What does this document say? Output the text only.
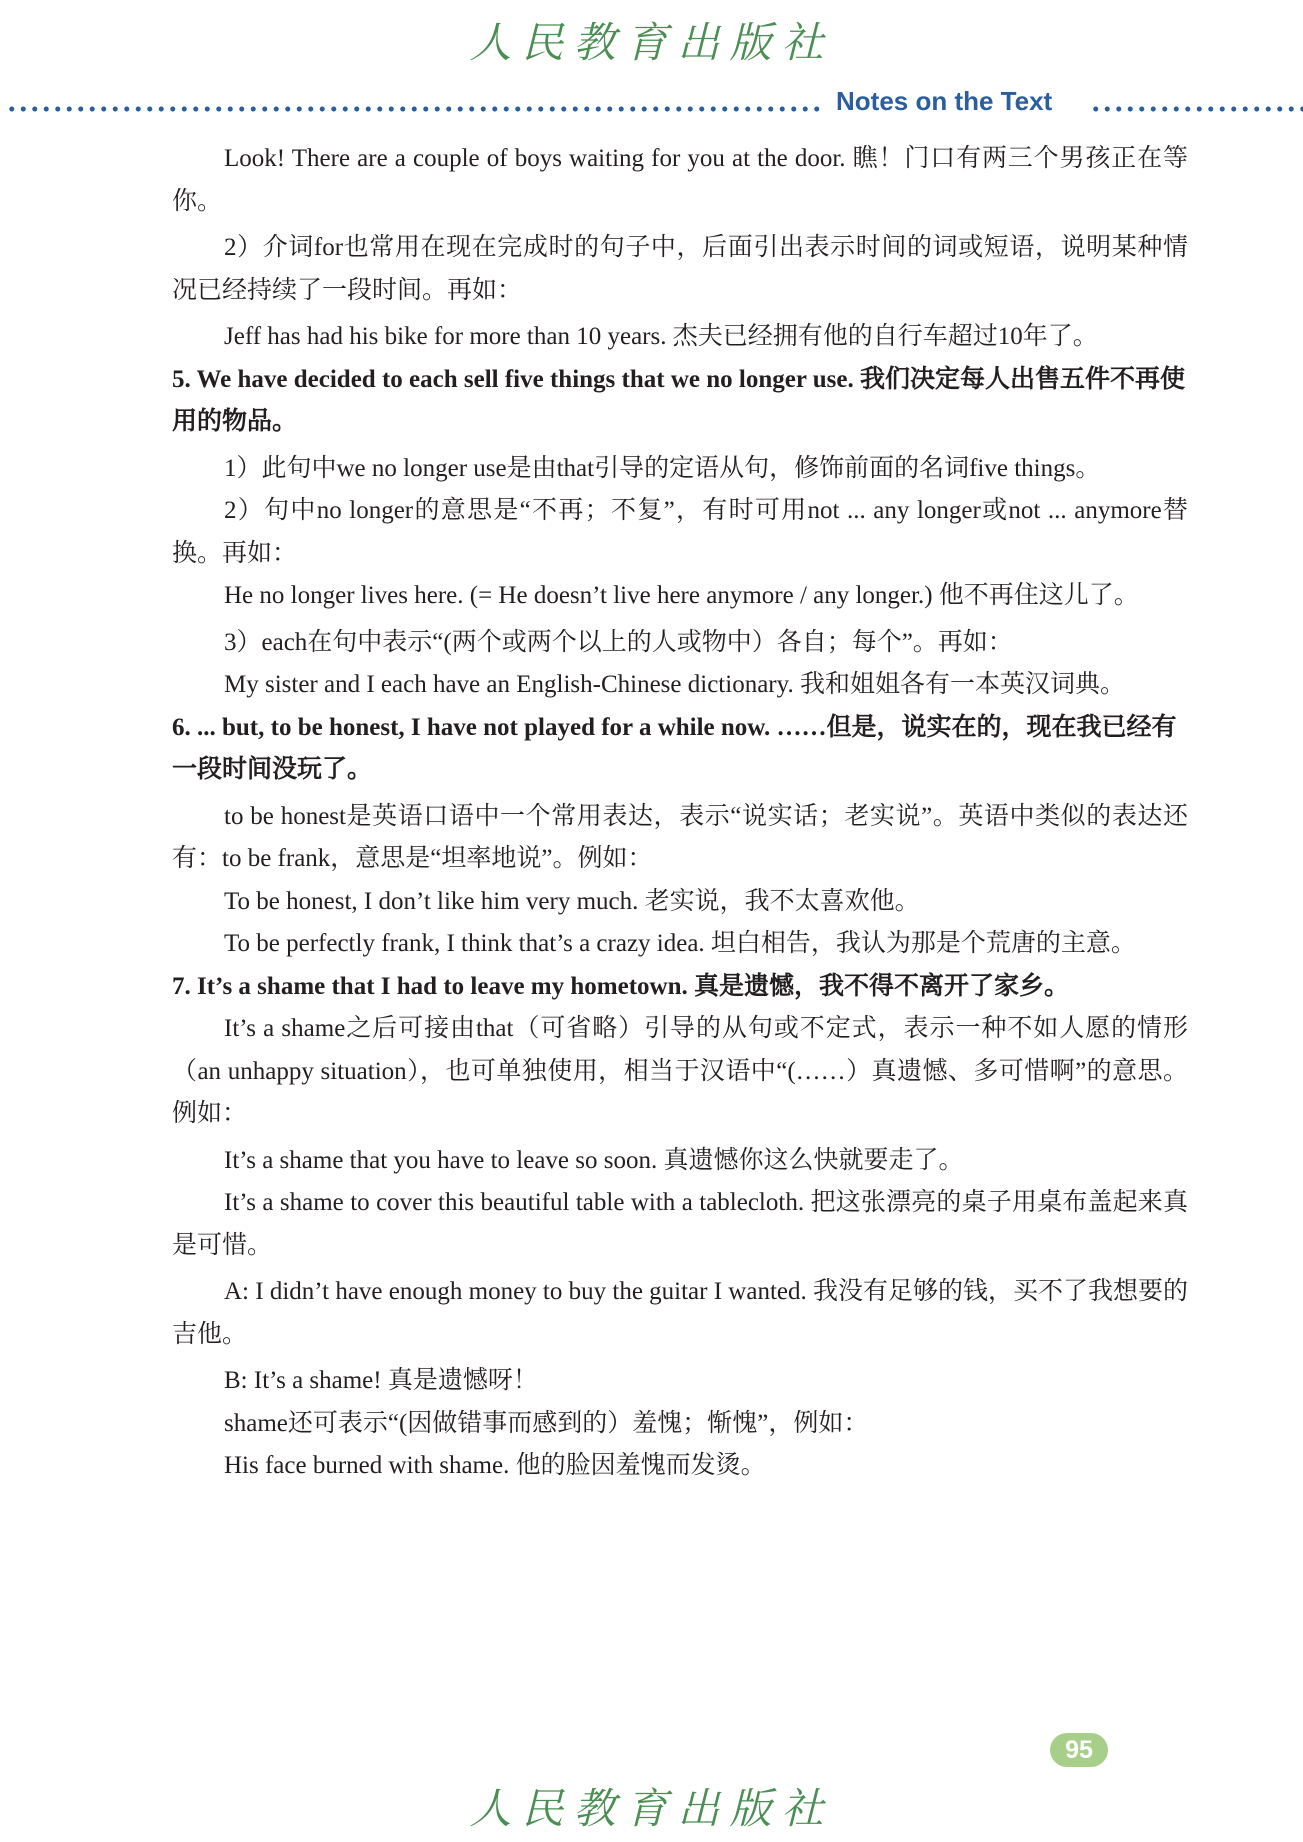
人民教育出版社
Notes on the Text

Look! There are a couple of boys waiting for you at the door. 瞧！门口有两三个男孩正在等你。

2）介词for也常用在现在完成时的句子中，后面引出表示时间的词或短语，说明某种情况已经持续了一段时间。再如：

Jeff has had his bike for more than 10 years. 杰夫已经拥有他的自行车超过10年了。

5. We have decided to each sell five things that we no longer use. 我们决定每人出售五件不再使用的物品。

1）此句中we no longer use是由that引导的定语从句，修饰前面的名词five things。

2）句中no longer的意思是“不再；不复”，有时可用not ... any longer或not ... anymore替换。再如：

He no longer lives here. (= He doesn’t live here anymore / any longer.) 他不再住这儿了。

3）each在句中表示“(两个或两个以上的人或物中）各自；每个”。再如：

My sister and I each have an English-Chinese dictionary. 我和姐姐各有一本英汉词典。

6. ... but, to be honest, I have not played for a while now. ……但是，说实在的，现在我已经有一段时间没玩了。

to be honest是英语口语中一个常用表达，表示“说实话；老实说”。英语中类似的表达还有：to be frank，意思是“坦率地说”。例如：

To be honest, I don’t like him very much. 老实说，我不太喜欢他。

To be perfectly frank, I think that’s a crazy idea. 坦白相告，我认为那是个荒唐的主意。

7. It’s a shame that I had to leave my hometown. 真是遗憾，我不得不离开了家乡。

It’s a shame之后可接由that（可省略）引导的从句或不定式，表示一种不如人愿的情形（an unhappy situation），也可单独使用，相当于汉语中“(……）真遗憾、多可惜啊”的意思。例如：

It’s a shame that you have to leave so soon. 真遗憾你这么快就要走了。

It’s a shame to cover this beautiful table with a tablecloth. 把这张漂亮的桌子用桌布盖起来真是可惜。

A: I didn’t have enough money to buy the guitar I wanted. 我没有足够的钱，买不了我想要的吉他。

B: It’s a shame! 真是遗憾呀！

shame还可表示“(因做错事而感到的）羞愧；惭愧”，例如：

His face burned with shame. 他的脸因羞愧而发烫。

95
人民教育出版社
